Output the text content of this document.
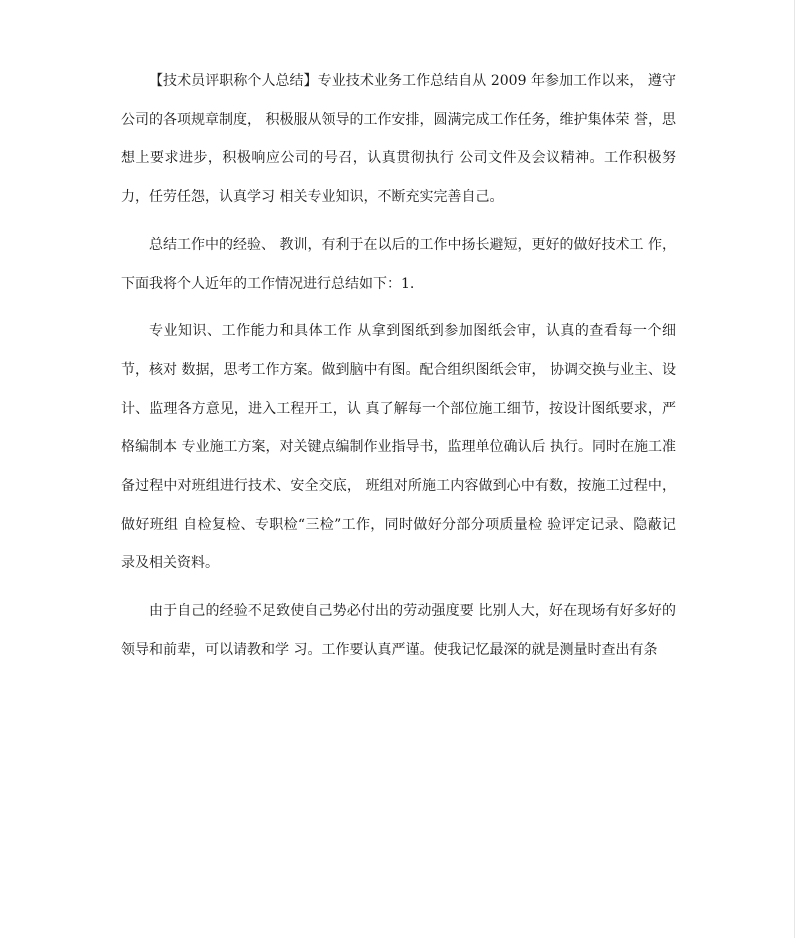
【技术员评职称个人总结】专业技术业务工作总结自从 2009 年参加工作以来， 遵守公司的各项规章制度， 积极服从领导的工作安排，圆满完成工作任务，维护集体荣 誉，思想上要求进步，积极响应公司的号召，认真贯彻执行 公司文件及会议精神。工作积极努力，任劳任怨，认真学习 相关专业知识，不断充实完善自己。

总结工作中的经验、 教训，有利于在以后的工作中扬长避短，更好的做好技术工 作，下面我将个人近年的工作情况进行总结如下：1.

专业知识、工作能力和具体工作 从拿到图纸到参加图纸会审，认真的查看每一个细节，核对 数据，思考工作方案。做到脑中有图。配合组织图纸会审， 协调交换与业主、设计、监理各方意见，进入工程开工，认 真了解每一个部位施工细节，按设计图纸要求，严格编制本 专业施工方案，对关键点编制作业指导书，监理单位确认后 执行。同时在施工准备过程中对班组进行技术、安全交底， 班组对所施工内容做到心中有数，按施工过程中，做好班组 自检复检、专职检“三检”工作，同时做好分部分项质量检 验评定记录、隐蔽记录及相关资料。

由于自己的经验不足致使自己势必付出的劳动强度要 比别人大，好在现场有好多好的领导和前辈，可以请教和学 习。工作要认真严谨。使我记忆最深的就是测量时查出有条
